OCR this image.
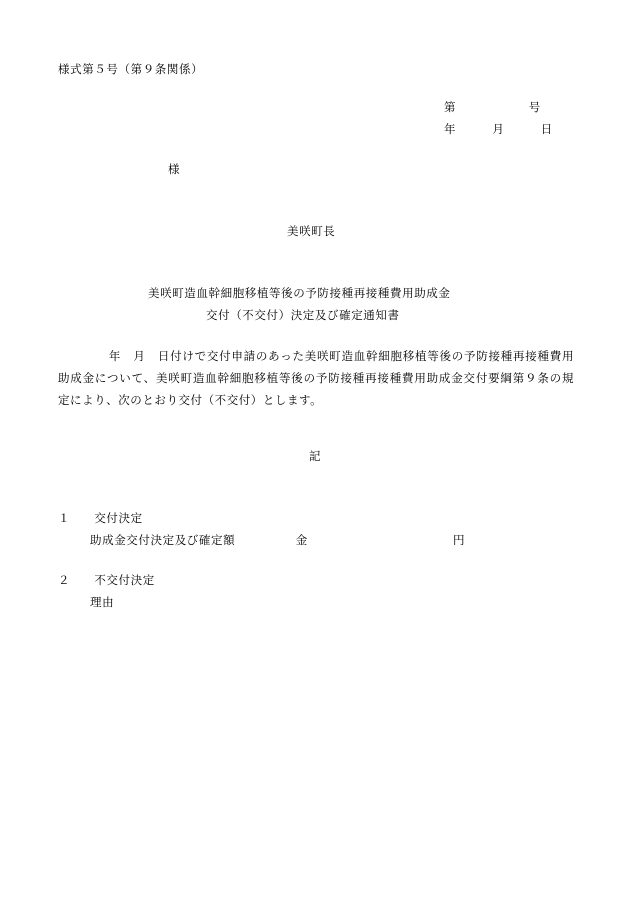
様式第５号（第９条関係）
第　　　　　　号
年　　　月　　　日
様
美咲町長
美咲町造血幹細胞移植等後の予防接種再接種費用助成金
交付（不交付）決定及び確定通知書

　　年　月　日付けで交付申請のあった美咲町造血幹細胞移植等後の予防接種再接種費用助成金について、美咲町造血幹細胞移植等後の予防接種再接種費用助成金交付要綱第９条の規定により、次のとおり交付（不交付）とします。

記
１　　 交付決定
助成金交付決定及び確定額　　　　　金　　　　　　　　　　　　円
２　　 不交付決定
理由
